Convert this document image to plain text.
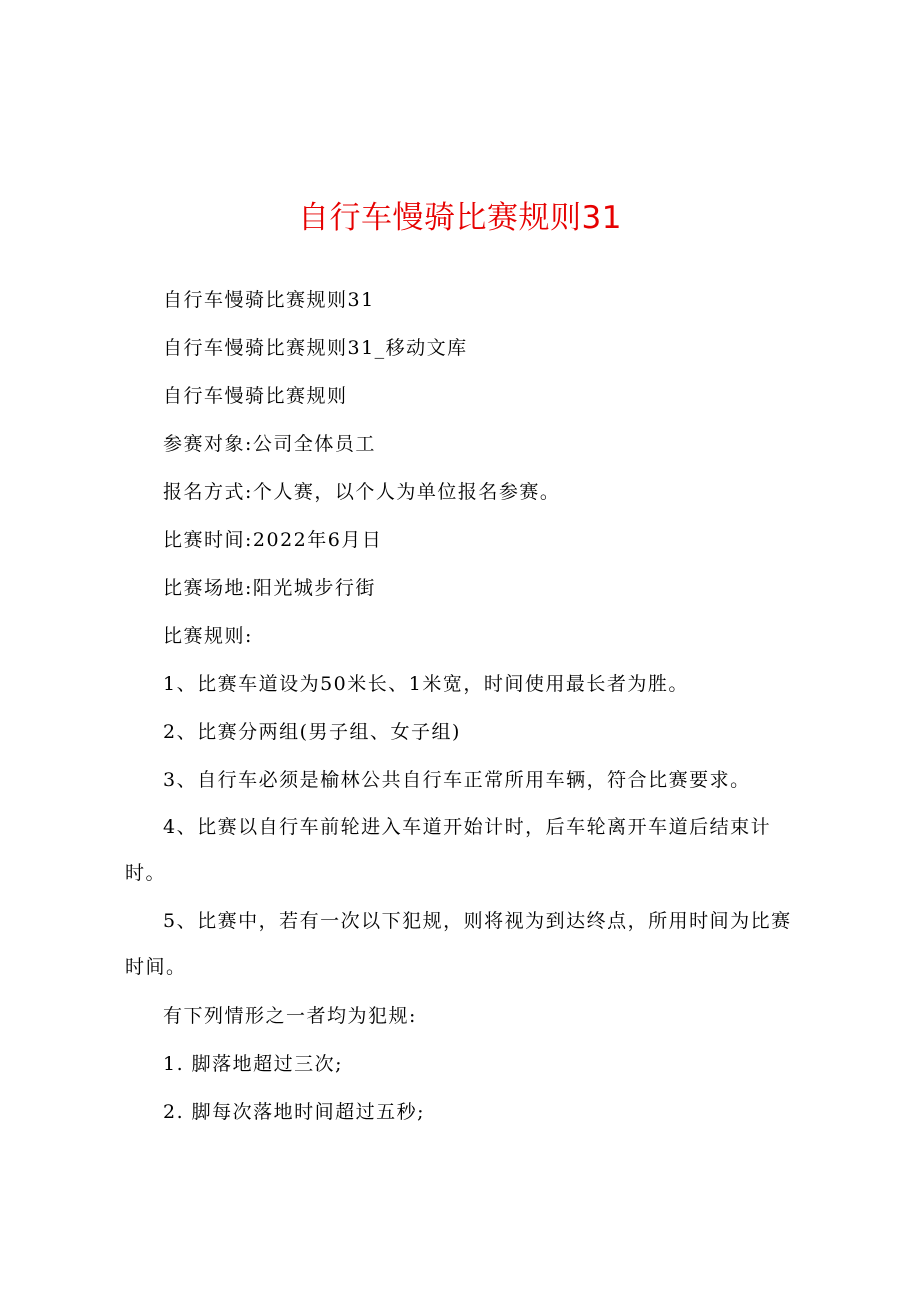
自行车慢骑比赛规则31

自行车慢骑比赛规则31

自行车慢骑比赛规则31_移动文库

自行车慢骑比赛规则

参赛对象:公司全体员工

报名方式:个人赛，以个人为单位报名参赛。

比赛时间:2022年6月日

比赛场地:阳光城步行街

比赛规则:

1、比赛车道设为50米长、1米宽，时间使用最长者为胜。

2、比赛分两组(男子组、女子组)

3、自行车必须是榆林公共自行车正常所用车辆，符合比赛要求。

4、比赛以自行车前轮进入车道开始计时，后车轮离开车道后结束计时。

5、比赛中，若有一次以下犯规，则将视为到达终点，所用时间为比赛时间。

有下列情形之一者均为犯规:

1. 脚落地超过三次;

2. 脚每次落地时间超过五秒;
